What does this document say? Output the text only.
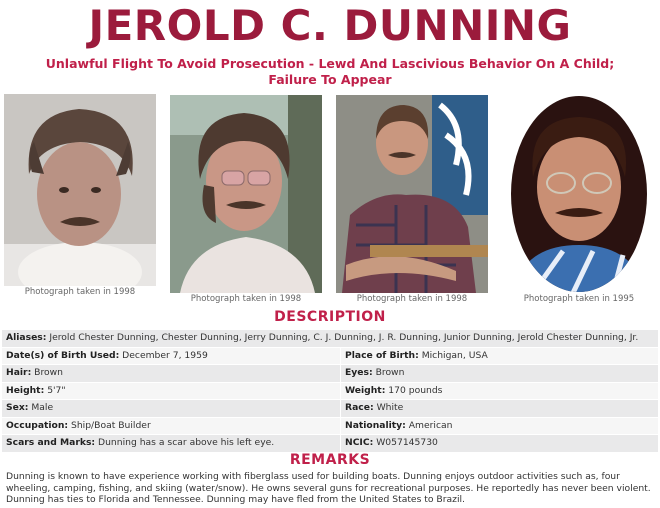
JEROLD C. DUNNING
Unlawful Flight To Avoid Prosecution - Lewd And Lascivious Behavior On A Child;
Failure To Appear
Photograph taken in 1998
Photograph taken in 1998	Photograph taken in 1998	Photograph taken in 1995
DESCRIPTION
Aliases: Jerold Chester Dunning, Chester Dunning, Jerry Dunning, C. J. Dunning, J. R. Dunning, Junior Dunning, Jerold Chester Dunning, Jr.	
Date(s) of Birth Used: December 7, 1959	Place of Birth: Michigan, USA
Hair: Brown	Eyes: Brown
Height: 5'7"	Weight: 170 pounds
Sex: Male	Race: White
Occupation: Ship/Boat Builder	Nationality: American
Scars and Marks: Dunning has a scar above his left eye.	NCIC: W057145730
REMARKS
Dunning is known to have experience working with fiberglass used for building boats. Dunning enjoys outdoor activities such as, four wheeling, camping, fishing, and skiing (water/snow). He owns several guns for recreational purposes. He reportedly has never been violent. Dunning has ties to Florida and Tennessee. Dunning may have fled from the United States to Brazil.
